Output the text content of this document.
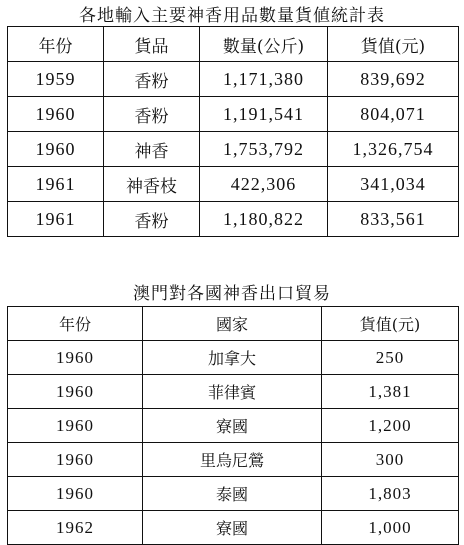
各地輸入主要神香用品數量貨値統計表
年份	貨品	數量(公斤)	貨值(元)
1959	香粉	1,171,380	839,692
1960	香粉	1,191,541	804,071
1960	神香	1,753,792	1,326,754
1961	神香枝	422,306	341,034
1961	香粉	1,180,822	833,561
澳門對各國神香出口貿易
年份	國家	貨值(元)
1960	加拿大	250
1960	菲律賓	1,381
1960	寮國	1,200
1960	里烏尼鶯	300
1960	泰國	1,803
1962	寮國	1,000
